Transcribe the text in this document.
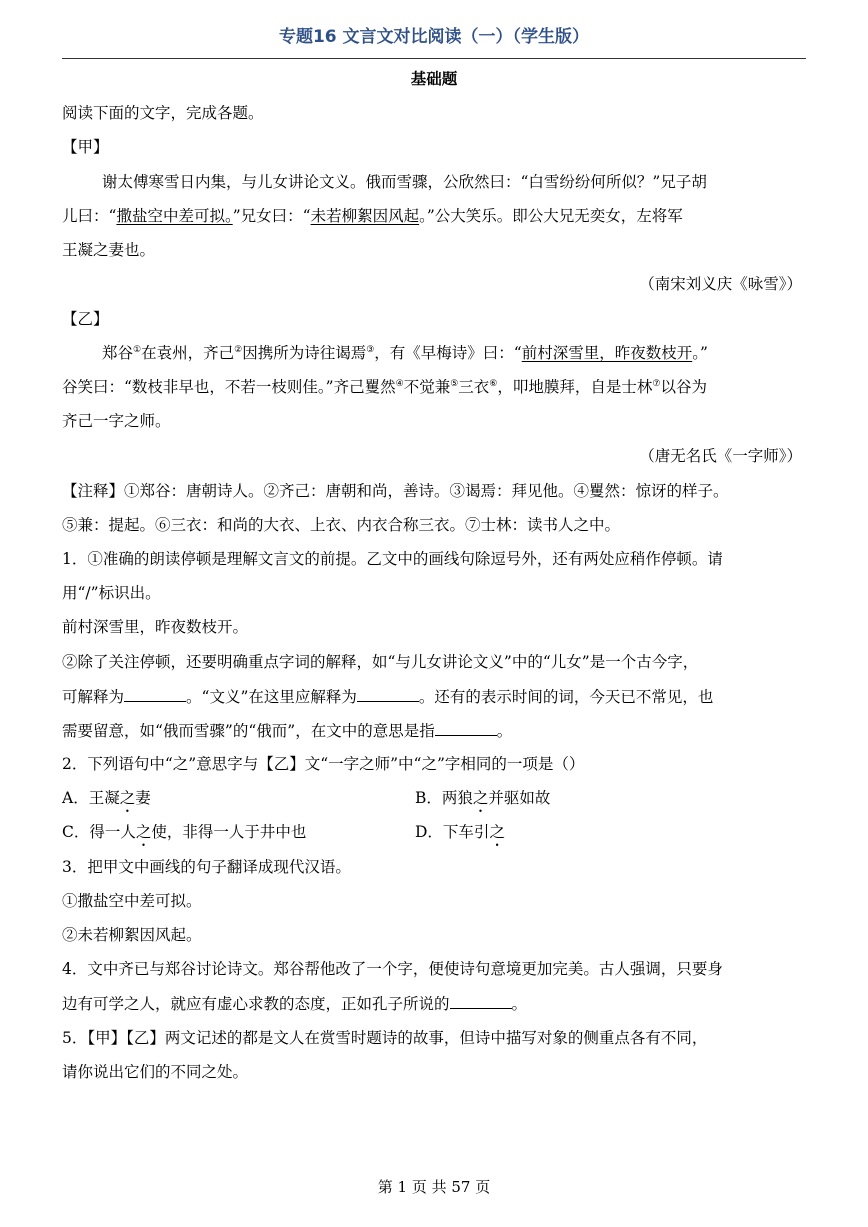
专题16 文言文对比阅读（一）（学生版）
基础题
阅读下面的文字，完成各题。
【甲】
谢太傅寒雪日内集，与儿女讲论文义。俄而雪骤，公欣然曰：“白雪纷纷何所似？”兄子胡
儿曰：“撒盐空中差可拟。”兄女曰：“未若柳絮因风起。”公大笑乐。即公大兄无奕女，左将军
王凝之妻也。
（南宋刘义庆《咏雪》）
【乙】
郑谷①在袁州，齐己②因携所为诗往谒焉③，有《早梅诗》曰：“前村深雪里，昨夜数枝开。”
谷笑曰：“数枝非早也，不若一枝则佳。”齐己矍然④不觉兼⑤三衣⑥，叩地膜拜，自是士林⑦以谷为
齐己一字之师。
（唐无名氏《一字师》）
【注释】①郑谷：唐朝诗人。②齐己：唐朝和尚，善诗。③谒焉：拜见他。④矍然：惊讶的样子。
⑤兼：提起。⑥三衣：和尚的大衣、上衣、内衣合称三衣。⑦士林：读书人之中。
1．①准确的朗读停顿是理解文言文的前提。乙文中的画线句除逗号外，还有两处应稍作停顿。请
用“/”标识出。
前村深雪里，昨夜数枝开。
②除了关注停顿，还要明确重点字词的解释，如“与儿女讲论文义”中的“儿女”是一个古今字，
可解释为	。“文义”在这里应解释为	。还有的表示时间的词，今天已不常见，也
需要留意，如“俄而雪骤”的“俄而”，在文中的意思是指	。
2．下列语句中“之”意思字与【乙】文“一字之师”中“之”字相同的一项是（）
A．王凝之妻	B．两狼之并驱如故
C．得一人之使，非得一人于井中也	D．下车引之
3．把甲文中画线的句子翻译成现代汉语。
①撒盐空中差可拟。
②未若柳絮因风起。
4．文中齐已与郑谷讨论诗文。郑谷帮他改了一个字，便使诗句意境更加完美。古人强调，只要身
边有可学之人，就应有虚心求教的态度，正如孔子所说的	。
5．【甲】【乙】两文记述的都是文人在赏雪时题诗的故事，但诗中描写对象的侧重点各有不同，
请你说出它们的不同之处。
第 1 页 共 57 页
